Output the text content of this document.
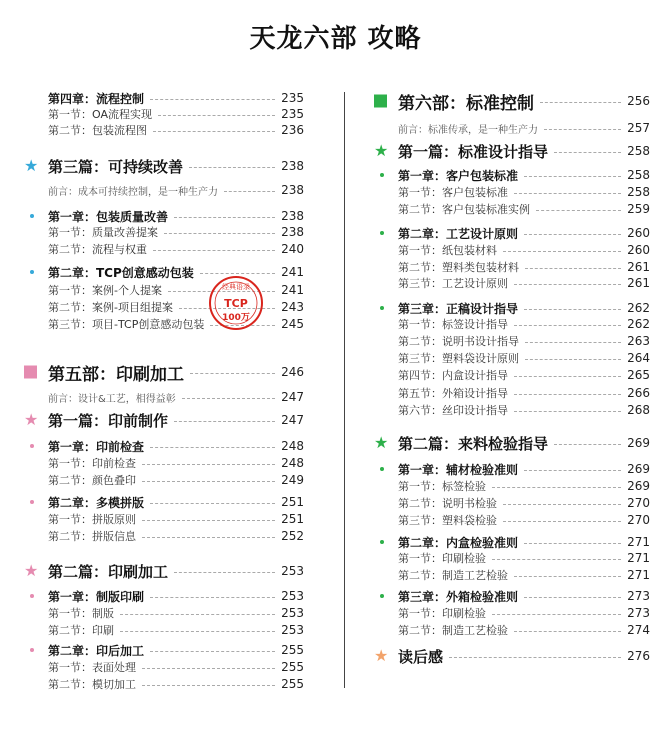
天龙六部 攻略
第四章：流程控制	235
第一节：OA流程实现	235
第二节：包装流程图	236
★ 第三篇：可持续改善	238
前言：成本可持续控制，是一种生产力	238
第一章：包装质量改善	238
第一节：质量改善提案	238
第二节：流程与权重	240
第二章：TCP创意感动包装	241
第一节：案例-个人提案	241
第二节：案例-项目组提案	243
第三节：项目-TCP创意感动包装	245
第五部：印刷加工	246
前言：设计&工艺，相得益彰	247
★ 第一篇：印前制作	247
第一章：印前检查	248
第一节：印前检查	248
第二节：颜色叠印	249
第二章：多模拼版	251
第一节：拼版原则	251
第二节：拼版信息	252
★ 第二篇：印刷加工	253
第一章：制版印刷	253
第一节：制版	253
第二节：印刷	253
第二章：印后加工	255
第一节：表面处理	255
第二节：模切加工	255
第六部：标准控制	256
前言：标准传承，是一种生产力	257
★ 第一篇：标准设计指导	258
第一章：客户包装标准	258
第一节：客户包装标准	258
第二节：客户包装标准实例	259
第二章：工艺设计原则	260
第一节：纸包装材料	260
第二节：塑料类包装材料	261
第三节：工艺设计原则	261
第三章：正稿设计指导	262
第一节：标签设计指导	262
第二节：说明书设计指导	263
第三节：塑料袋设计原则	264
第四节：内盒设计指导	265
第五节：外箱设计指导	266
第六节：丝印设计指导	268
★ 第二篇：来料检验指导	269
第一章：辅材检验准则	269
第一节：标签检验	269
第二节：说明书检验	270
第三节：塑料袋检验	270
第二章：内盒检验准则	271
第一节：印刷检验	271
第二节：制造工艺检验	271
第三章：外箱检验准则	273
第一节：印刷检验	273
第二节：制造工艺检验	274
★ 读后感	276
经典语录
TCP
100万
